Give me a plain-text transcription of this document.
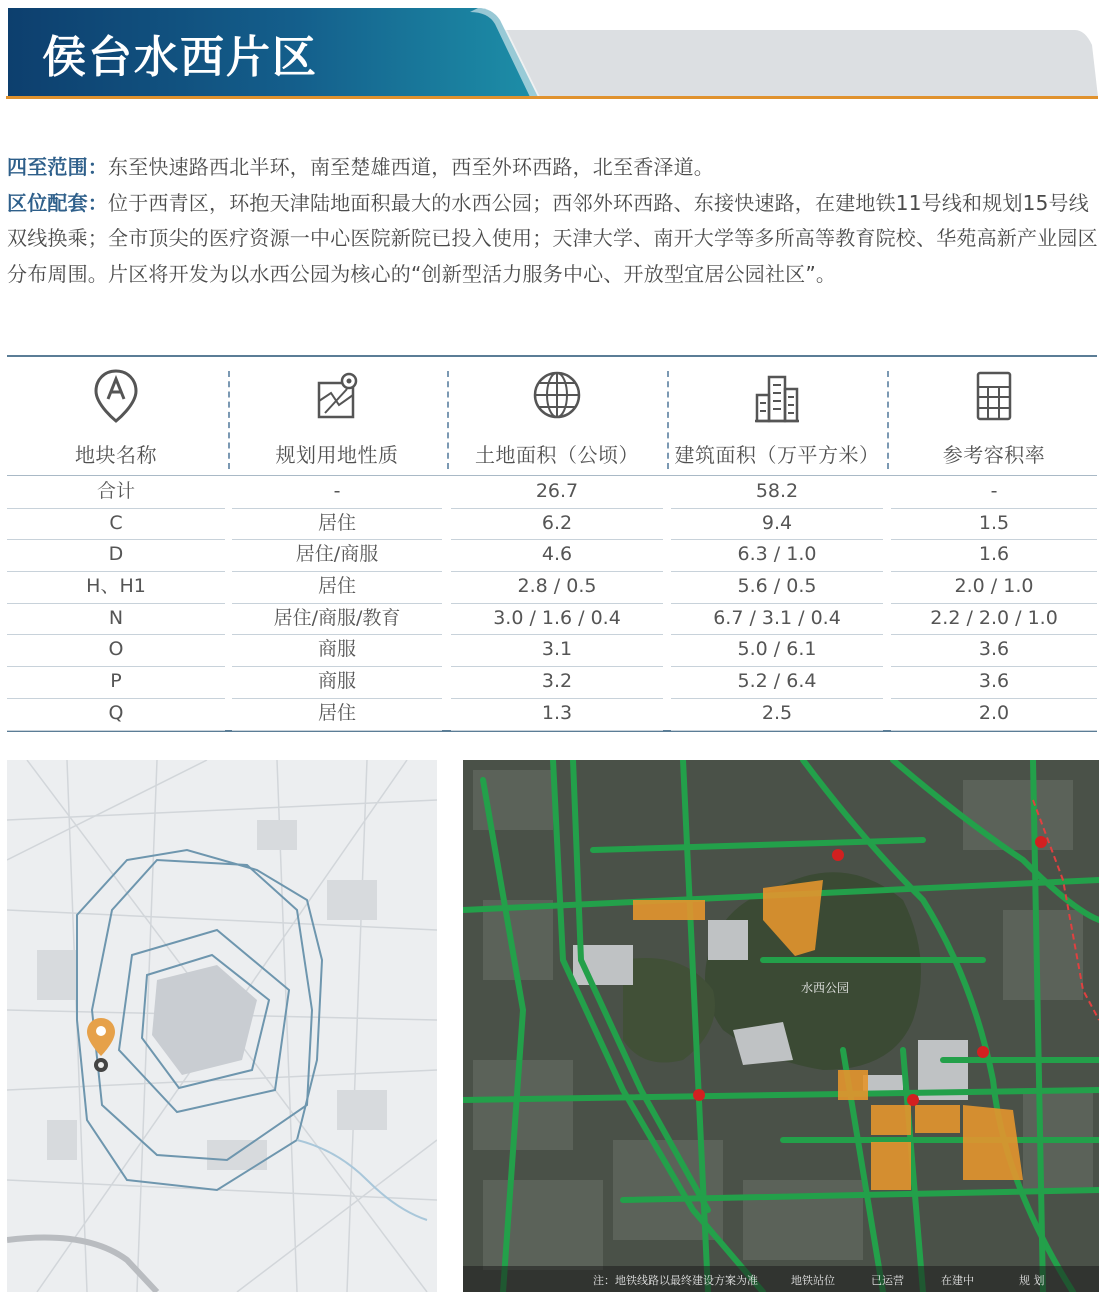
侯台水西片区

四至范围：东至快速路西北半环，南至楚雄西道，西至外环西路，北至香泽道。

区位配套：位于西青区，环抱天津陆地面积最大的水西公园；西邻外环西路、东接快速路，在建地铁11号线和规划15号线双线换乘；全市顶尖的医疗资源一中心医院新院已投入使用；天津大学、南开大学等多所高等教育院校、华苑高新产业园区分布周围。片区将开发为以水西公园为核心的“创新型活力服务中心、开放型宜居公园社区”。

地块名称	规划用地性质	土地面积（公顷）	建筑面积（万平方米）	参考容积率
合计	-	26.7	58.2	-
C	居住	6.2	9.4	1.5
D	居住/商服	4.6	6.3 / 1.0	1.6
H、H1	居住	2.8 / 0.5	5.6 / 0.5	2.0 / 1.0
N	居住/商服/教育	3.0 / 1.6 / 0.4	6.7 / 3.1 / 0.4	2.2 / 2.0 / 1.0
O	商服	3.1	5.0 / 6.1	3.6
P	商服	3.2	5.2 / 6.4	3.6
Q	居住	1.3	2.5	2.0
水西公园
注：地铁线路以最终建设方案为准	地铁站位	已运营	在建中	规 划
